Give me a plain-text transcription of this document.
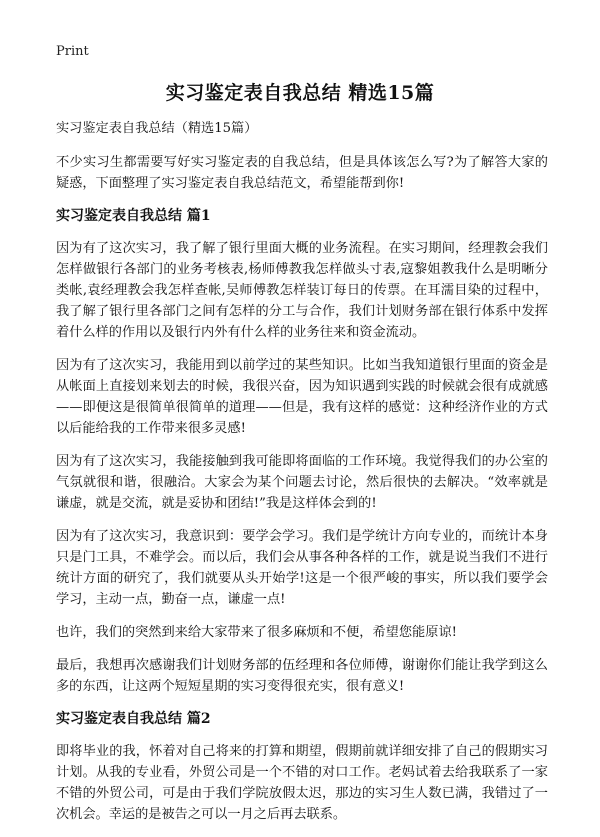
Print
实习鉴定表自我总结 精选15篇
实习鉴定表自我总结（精选15篇）
不少实习生都需要写好实习鉴定表的自我总结，但是具体该怎么写?为了解答大家的疑惑，下面整理了实习鉴定表自我总结范文，希望能帮到你!
实习鉴定表自我总结 篇1

因为有了这次实习，我了解了银行里面大概的业务流程。在实习期间，经理教会我们怎样做银行各部门的业务考核表,杨师傅教我怎样做头寸表,寇黎姐教我什么是明晰分类帐,袁经理教会我怎样查帐,吴师傅教怎样装订每日的传票。在耳濡目染的过程中，我了解了银行里各部门之间有怎样的分工与合作，我们计划财务部在银行体系中发挥着什么样的作用以及银行内外有什么样的业务往来和资金流动。

因为有了这次实习，我能用到以前学过的某些知识。比如当我知道银行里面的资金是从帐面上直接划来划去的时候，我很兴奋，因为知识遇到实践的时候就会很有成就感——即便这是很简单很简单的道理——但是，我有这样的感觉：这种经济作业的方式以后能给我的工作带来很多灵感!

因为有了这次实习，我能接触到我可能即将面临的工作环境。我觉得我们的办公室的气氛就很和谐，很融洽。大家会为某个问题去讨论，然后很快的去解决。“效率就是谦虚，就是交流，就是妥协和团结!”我是这样体会到的!

因为有了这次实习，我意识到：要学会学习。我们是学统计方向专业的，而统计本身只是门工具，不难学会。而以后，我们会从事各种各样的工作，就是说当我们不进行统计方面的研究了，我们就要从头开始学!这是一个很严峻的事实，所以我们要学会学习，主动一点，勤奋一点，谦虚一点!

也许，我们的突然到来给大家带来了很多麻烦和不便，希望您能原谅!

最后，我想再次感谢我们计划财务部的伍经理和各位师傅，谢谢你们能让我学到这么多的东西，让这两个短短星期的实习变得很充实，很有意义!

实习鉴定表自我总结 篇2

即将毕业的我，怀着对自己将来的打算和期望，假期前就详细安排了自己的假期实习计划。从我的专业看，外贸公司是一个不错的对口工作。老妈试着去给我联系了一家不错的外贸公司，可是由于我们学院放假太迟，那边的实习生人数已满，我错过了一次机会。幸运的是被告之可以一月之后再去联系。
